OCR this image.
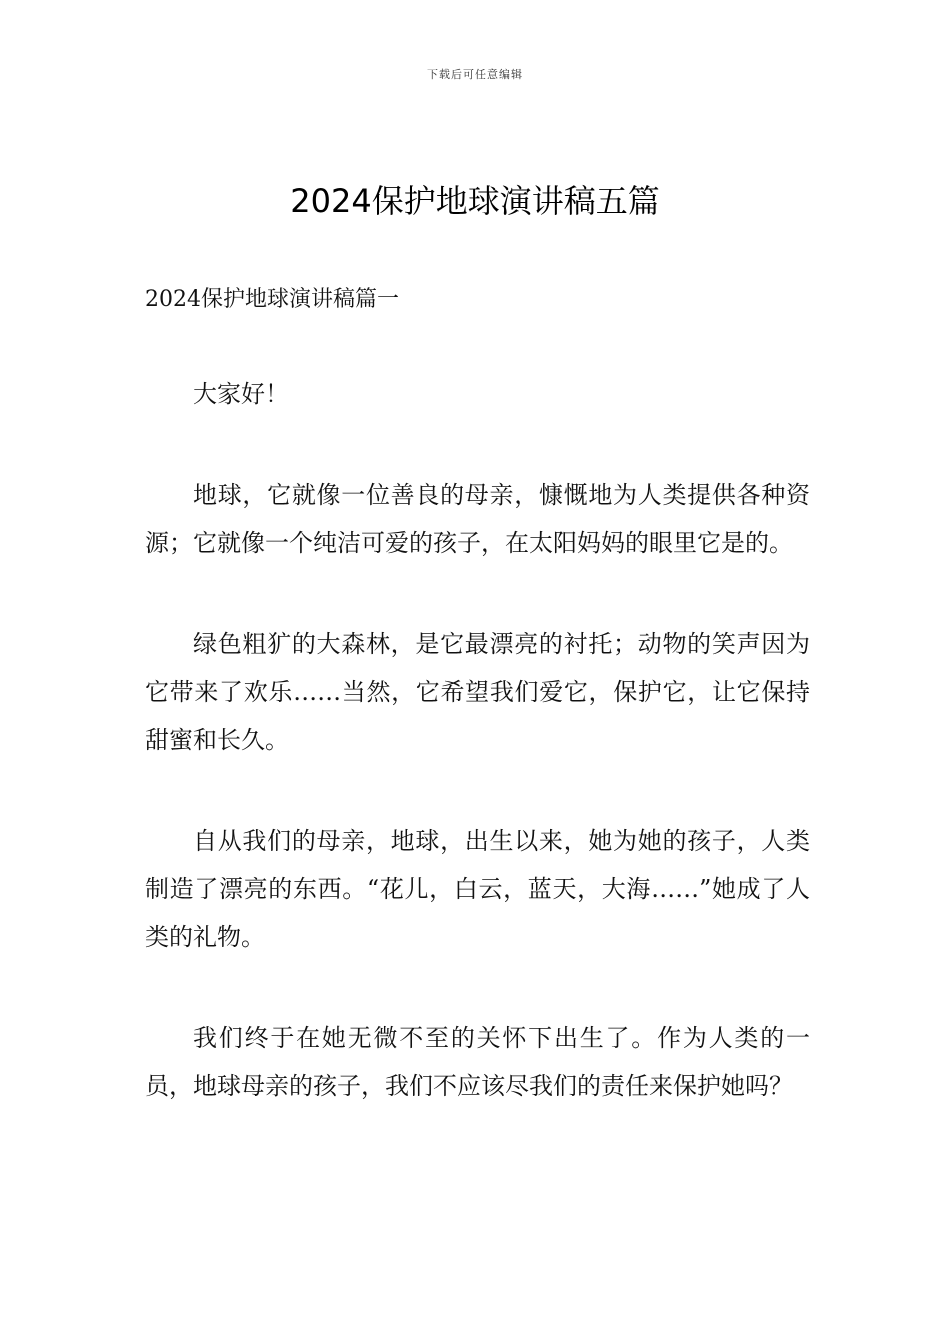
下载后可任意编辑
2024保护地球演讲稿五篇

2024保护地球演讲稿篇一

大家好！

地球，它就像一位善良的母亲，慷慨地为人类提供各种资源；它就像一个纯洁可爱的孩子，在太阳妈妈的眼里它是的。

绿色粗犷的大森林，是它最漂亮的衬托；动物的笑声因为它带来了欢乐……当然，它希望我们爱它，保护它，让它保持甜蜜和长久。

自从我们的母亲，地球，出生以来，她为她的孩子，人类制造了漂亮的东西。“花儿，白云，蓝天，大海……”她成了人类的礼物。

我们终于在她无微不至的关怀下出生了。作为人类的一员，地球母亲的孩子，我们不应该尽我们的责任来保护她吗？
